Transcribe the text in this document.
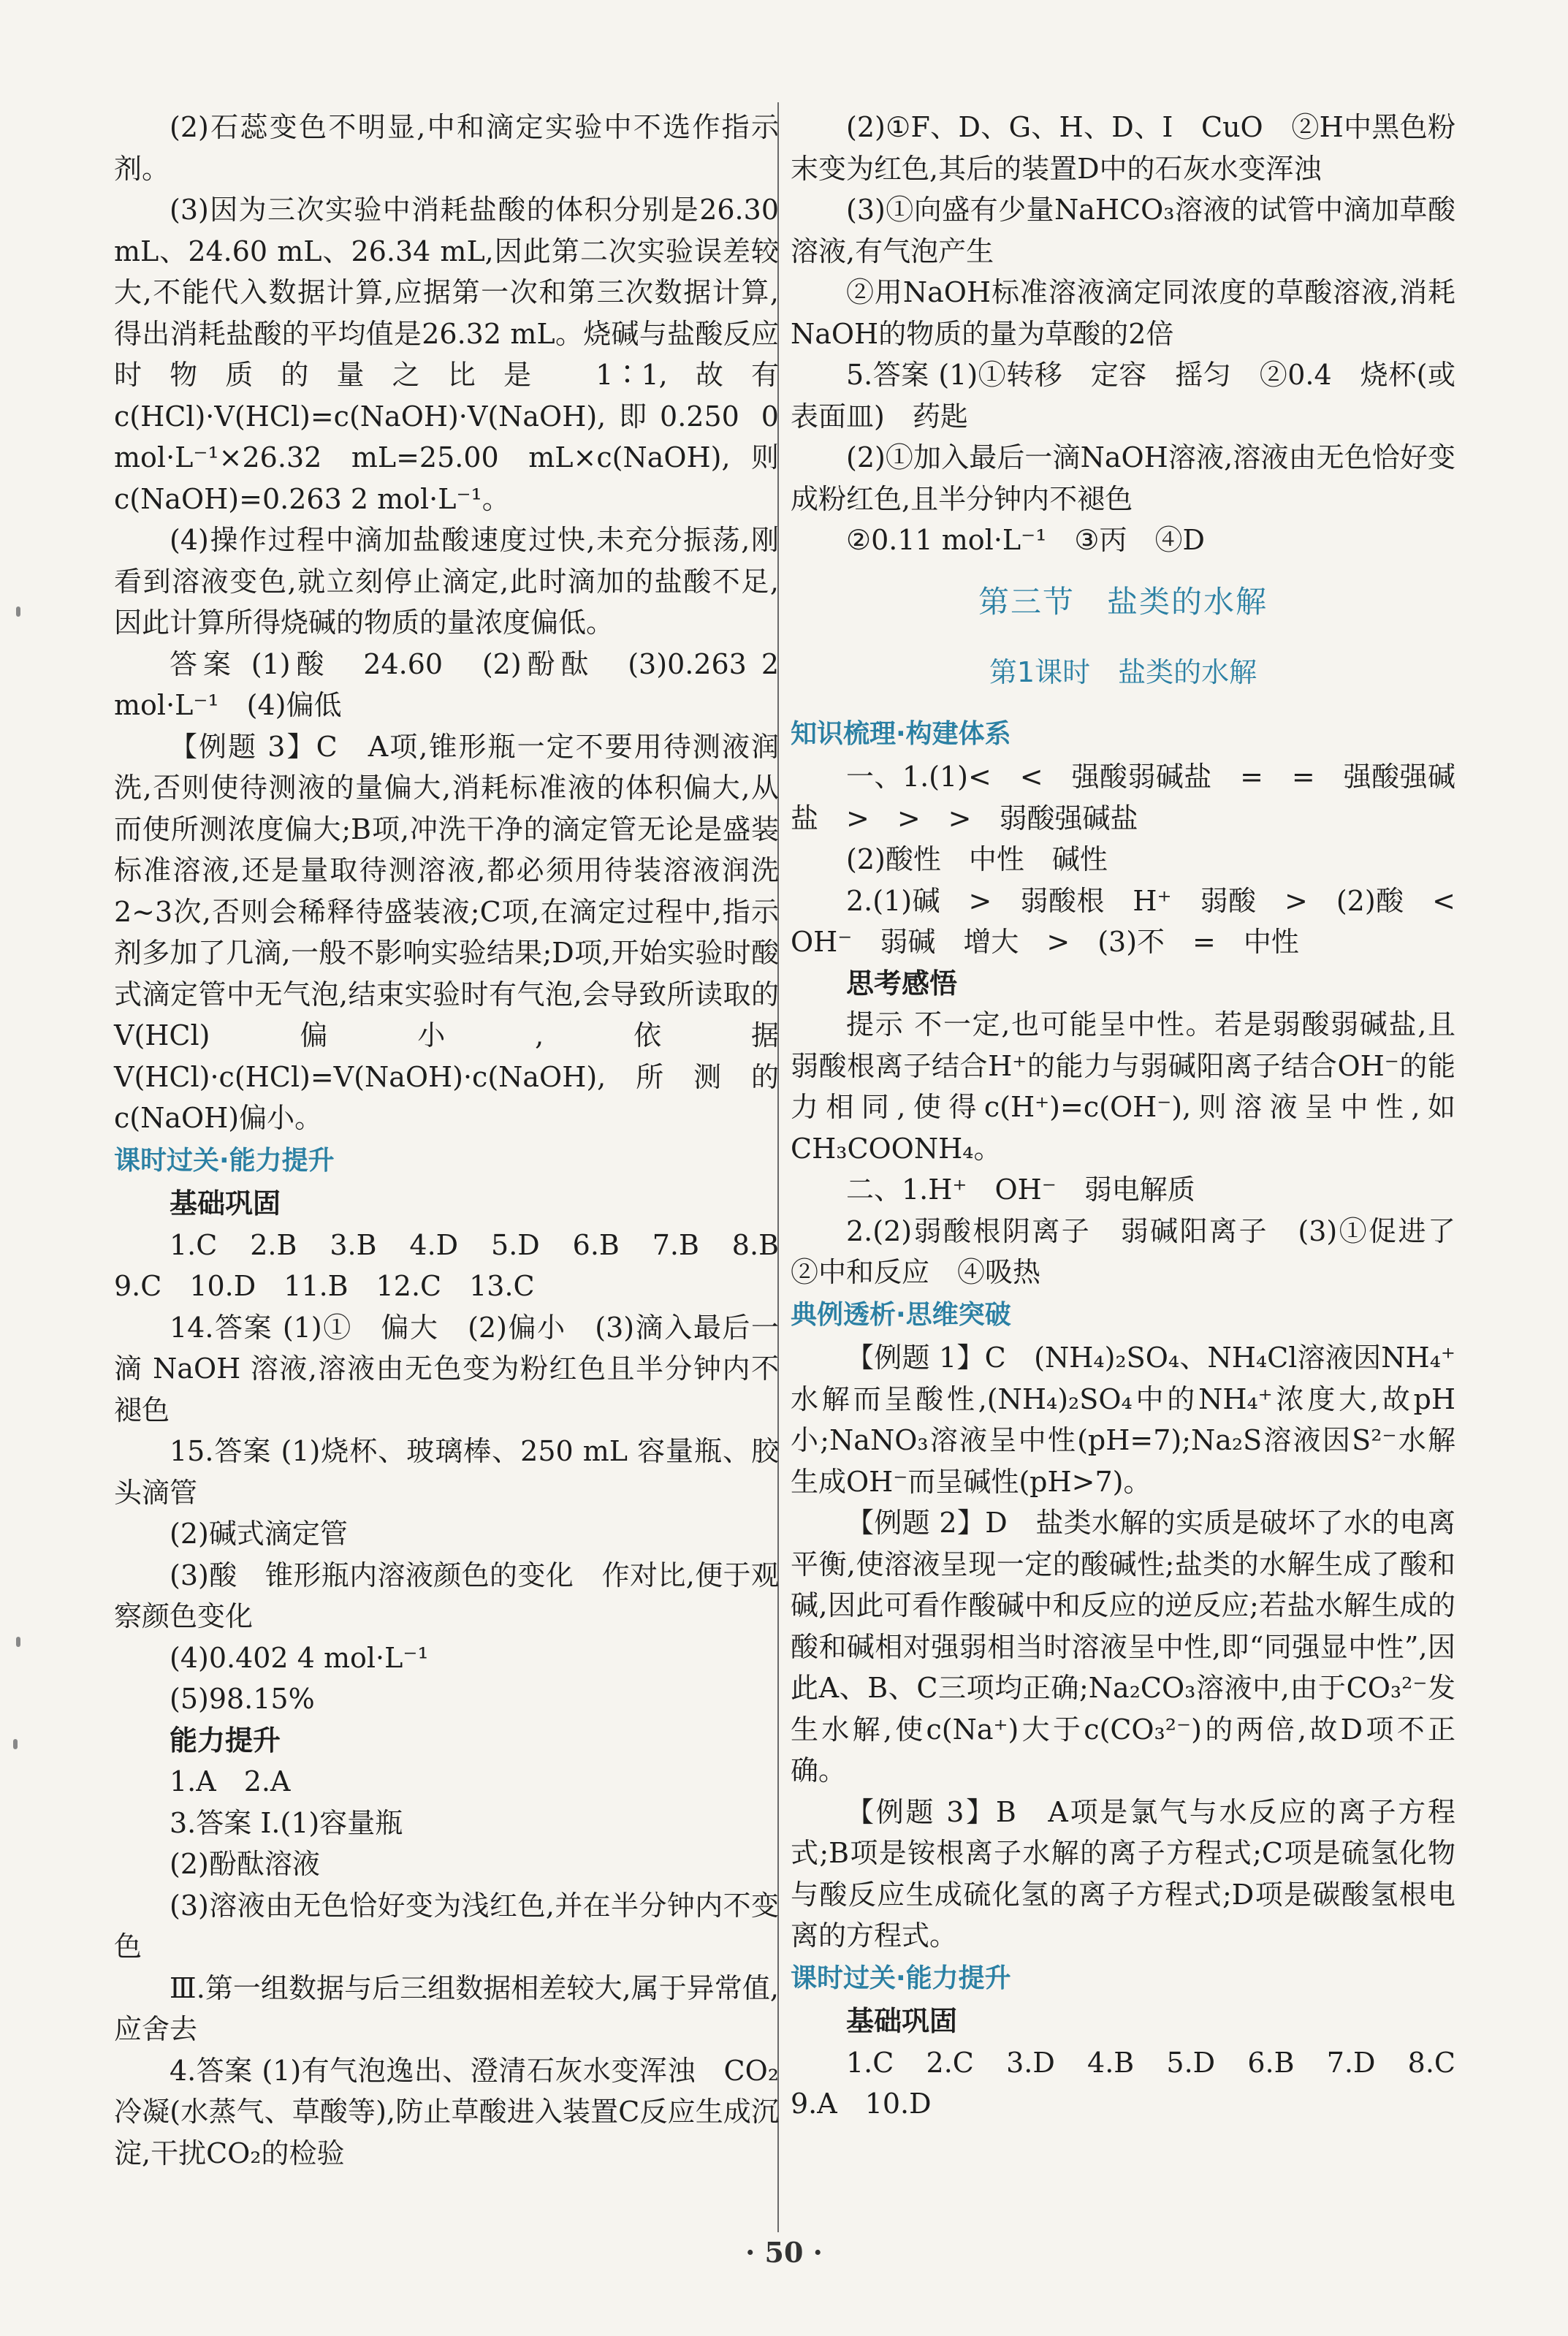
(2)石蕊变色不明显,中和滴定实验中不选作指示剂。

(3)因为三次实验中消耗盐酸的体积分别是26.30 mL、24.60 mL、26.34 mL,因此第二次实验误差较大,不能代入数据计算,应据第一次和第三次数据计算,得出消耗盐酸的平均值是26.32 mL。烧碱与盐酸反应时物质的量之比是 1∶1,故有c(HCl)·V(HCl)=c(NaOH)·V(NaOH),即0.250 0 mol·L⁻¹×26.32 mL=25.00 mL×c(NaOH),则c(NaOH)=0.263 2 mol·L⁻¹。

(4)操作过程中滴加盐酸速度过快,未充分振荡,刚看到溶液变色,就立刻停止滴定,此时滴加的盐酸不足,因此计算所得烧碱的物质的量浓度偏低。

答案 (1)酸　24.60　(2)酚酞　(3)0.263 2 mol·L⁻¹　(4)偏低

【例题 3】C　A项,锥形瓶一定不要用待测液润洗,否则使待测液的量偏大,消耗标准液的体积偏大,从而使所测浓度偏大;B项,冲洗干净的滴定管无论是盛装标准溶液,还是量取待测溶液,都必须用待装溶液润洗2~3次,否则会稀释待盛装液;C项,在滴定过程中,指示剂多加了几滴,一般不影响实验结果;D项,开始实验时酸式滴定管中无气泡,结束实验时有气泡,会导致所读取的V(HCl)偏小,依据V(HCl)·c(HCl)=V(NaOH)·c(NaOH),所测的c(NaOH)偏小。

课时过关·能力提升
基础巩固

1.C　2.B　3.B　4.D　5.D　6.B　7.B　8.B　9.C　10.D　11.B　12.C　13.C

14.答案 (1)①　偏大　(2)偏小　(3)滴入最后一滴 NaOH 溶液,溶液由无色变为粉红色且半分钟内不褪色

15.答案 (1)烧杯、玻璃棒、250 mL 容量瓶、胶头滴管

(2)碱式滴定管

(3)酸　锥形瓶内溶液颜色的变化　作对比,便于观察颜色变化

(4)0.402 4 mol·L⁻¹

(5)98.15%

能力提升

1.A　2.A

3.答案 Ⅰ.(1)容量瓶

(2)酚酞溶液

(3)溶液由无色恰好变为浅红色,并在半分钟内不变色

Ⅲ.第一组数据与后三组数据相差较大,属于异常值,应舍去

4.答案 (1)有气泡逸出、澄清石灰水变浑浊　CO₂　冷凝(水蒸气、草酸等),防止草酸进入装置C反应生成沉淀,干扰CO₂的检验

(2)①F、D、G、H、D、I　CuO　②H中黑色粉末变为红色,其后的装置D中的石灰水变浑浊

(3)①向盛有少量NaHCO₃溶液的试管中滴加草酸溶液,有气泡产生

②用NaOH标准溶液滴定同浓度的草酸溶液,消耗NaOH的物质的量为草酸的2倍

5.答案 (1)①转移　定容　摇匀　②0.4　烧杯(或表面皿)　药匙

(2)①加入最后一滴NaOH溶液,溶液由无色恰好变成粉红色,且半分钟内不褪色

②0.11 mol·L⁻¹　③丙　④D

第三节　盐类的水解
第1课时　盐类的水解
知识梳理·构建体系

一、1.(1)<　<　强酸弱碱盐　=　=　强酸强碱盐　>　>　>　弱酸强碱盐

(2)酸性　中性　碱性

2.(1)碱　>　弱酸根　H⁺　弱酸　>　(2)酸　<　OH⁻　弱碱　增大　>　(3)不　=　中性

思考感悟

提示 不一定,也可能呈中性。若是弱酸弱碱盐,且弱酸根离子结合H⁺的能力与弱碱阳离子结合OH⁻的能力相同,使得c(H⁺)=c(OH⁻),则溶液呈中性,如CH₃COONH₄。

二、1.H⁺　OH⁻　弱电解质

2.(2)弱酸根阴离子　弱碱阳离子　(3)①促进了　②中和反应　④吸热

典例透析·思维突破

【例题 1】C　(NH₄)₂SO₄、NH₄Cl溶液因NH₄⁺水解而呈酸性,(NH₄)₂SO₄中的NH₄⁺浓度大,故pH小;NaNO₃溶液呈中性(pH=7);Na₂S溶液因S²⁻水解生成OH⁻而呈碱性(pH>7)。

【例题 2】D　盐类水解的实质是破坏了水的电离平衡,使溶液呈现一定的酸碱性;盐类的水解生成了酸和碱,因此可看作酸碱中和反应的逆反应;若盐水解生成的酸和碱相对强弱相当时溶液呈中性,即“同强显中性”,因此A、B、C三项均正确;Na₂CO₃溶液中,由于CO₃²⁻发生水解,使c(Na⁺)大于c(CO₃²⁻)的两倍,故D项不正确。

【例题 3】B　A项是氯气与水反应的离子方程式;B项是铵根离子水解的离子方程式;C项是硫氢化物与酸反应生成硫化氢的离子方程式;D项是碳酸氢根电离的方程式。

课时过关·能力提升
基础巩固

1.C　2.C　3.D　4.B　5.D　6.B　7.D　8.C　9.A　10.D

· 50 ·
